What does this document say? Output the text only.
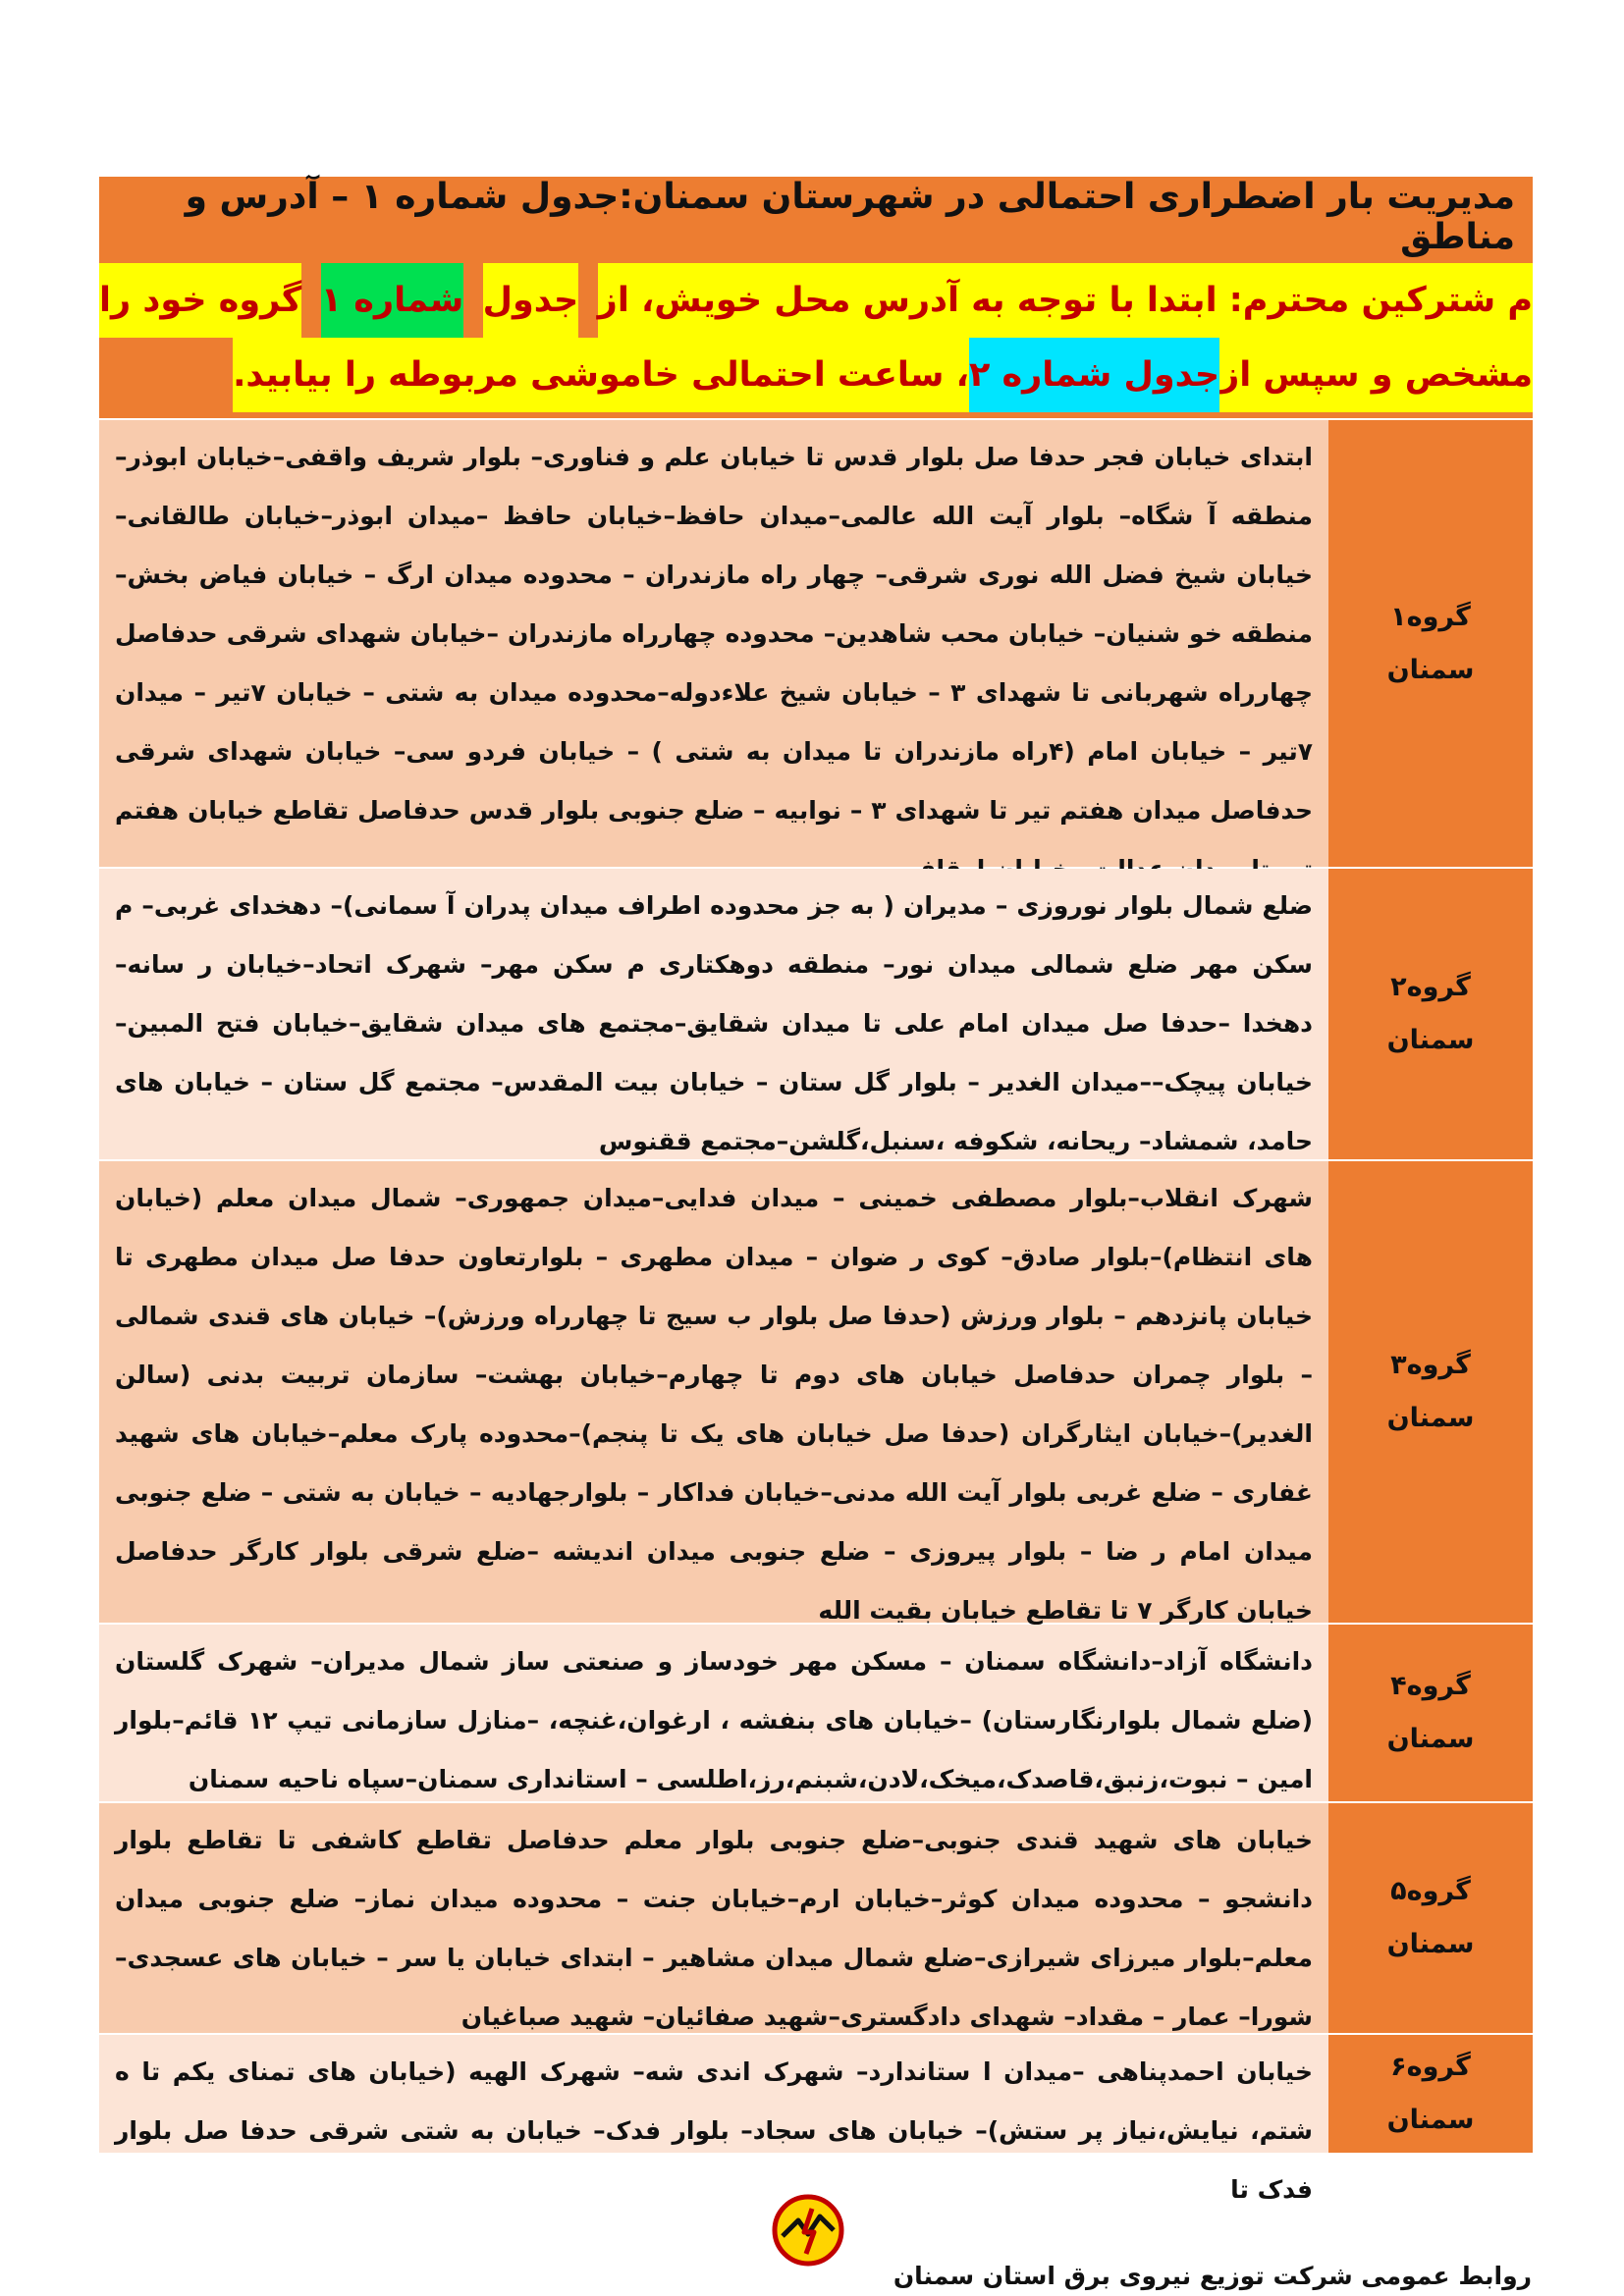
مدیریت بار اضطراری احتمالی در شهرستان سمنان:جدول شماره ۱ – آدرس و مناطق
م شترکین محترم: ابتدا با توجه به آدرس محل خویش، از
جدول
شماره ۱
گروه خود را
مشخص و سپس از
جدول شماره ۲
، ساعت احتمالی خاموشی مربوطه را بیابید.
گروه۱
سمنان
ابتدای خیابان فجر حدفا صل بلوار قدس تا خیابان علم و فناوری– بلوار شریف واقفی–خیابان ابوذر– منطقه آ شگاه– بلوار آیت الله عالمی–میدان حافظ–خیابان حافظ –میدان ابوذر–خیابان طالقانی– خیابان شیخ فضل الله نوری شرقی– چهار راه مازندران – محدوده میدان ارگ – خیابان فیاض بخش– منطقه خو شنیان– خیابان محب شاهدین– محدوده چهارراه مازندران –خیابان شهدای شرقی حدفاصل چهارراه شهربانی تا شهدای ۳ – خیابان شیخ علاءدوله–محدوده میدان به شتی – خیابان ۷تیر – میدان ۷تیر – خیابان امام (۴راه مازندران تا میدان به شتی ) – خیابان فردو سی– خیابان شهدای شرقی حدفاصل میدان هفتم تیر تا شهدای ۳ – نوابیه – ضلع جنوبی بلوار قدس حدفاصل تقاطع خیابان هفتم
گروه۲
سمنان
ضلع شمال بلوار نوروزی – مدیران ( به جز محدوده اطراف میدان پدران آ سمانی)– دهخدای غربی– م سکن مهر ضلع شمالی میدان نور– منطقه دوهکتاری م سکن مهر– شهرک اتحاد–خیابان ر سانه– دهخدا –حدفا صل میدان امام علی تا میدان شقایق–مجتمع های میدان شقایق–خیابان فتح المبین– خیابان پیچک––میدان الغدیر – بلوار گل ستان – خیابان بیت المقدس– مجتمع گل ستان – خیابان های حامد، شمشاد– ریحانه، شکوفه ،سنبل،گلشن–مجتمع ققنوس
گروه۳
سمنان
شهرک انقلاب–بلوار مصطفی خمینی – میدان فدایی–میدان جمهوری– شمال میدان معلم (خیابان های انتظام)–بلوار صادق– کوی ر ضوان – میدان مطهری – بلوارتعاون حدفا صل میدان مطهری تا خیابان پانزدهم – بلوار ورزش (حدفا صل بلوار ب سیج تا چهارراه ورزش)– خیابان های قندی شمالی – بلوار چمران حدفاصل خیابان های دوم تا چهارم–خیابان بهشت– سازمان تربیت بدنی (سالن الغدیر)–خیابان ایثارگران (حدفا صل خیابان های یک تا پنجم)–محدوده پارک معلم–خیابان های شهید غفاری – ضلع غربی بلوار آیت الله مدنی–خیابان فداکار – بلوارجهادیه – خیابان به شتی – ضلع جنوبی میدان امام ر ضا – بلوار پیروزی – ضلع جنوبی میدان اندیشه –ضلع شرقی بلوار کارگر حدفاصل خیابان کارگر ۷ تا تقاطع خیابان بقیت الله
گروه۴
سمنان
دانشگاه آزاد–دانشگاه سمنان – مسکن مهر خودساز و صنعتی ساز شمال مدیران– شهرک گلستان (ضلع شمال بلوارنگارستان) –خیابان های بنفشه ، ارغوان،غنچه، –منازل سازمانی تیپ ۱۲ قائم–بلوار امین – نبوت،زنبق،قاصدک،میخک،لادن،شبنم،رز،اطلسی – استانداری سمنان–سپاه ناحیه سمنان
گروه۵
سمنان
خیابان های شهید قندی جنوبی–ضلع جنوبی بلوار معلم حدفاصل تقاطع کاشفی تا تقاطع بلوار دانشجو – محدوده میدان کوثر–خیابان ارم–خیابان جنت – محدوده میدان نماز– ضلع جنوبی میدان معلم–بلوار میرزای شیرازی–ضلع شمال میدان مشاهیر – ابتدای خیابان یا سر – خیابان های عسجدی– شورا– عمار – مقداد– شهدای دادگستری–شهید صفائیان– شهید صباغیان
گروه۶
سمنان
خیابان احمدپناهی –میدان ا ستاندارد– شهرک اندی شه– شهرک الهیه (خیابان های تمنای یکم تا ه شتم، نیایش،نیاز پر ستش)– خیابان های سجاد– بلوار فدک– خیابان به شتی شرقی حدفا صل بلوار فدک تا
روابط عمومی شرکت توزیع نیروی برق استان سمنان
